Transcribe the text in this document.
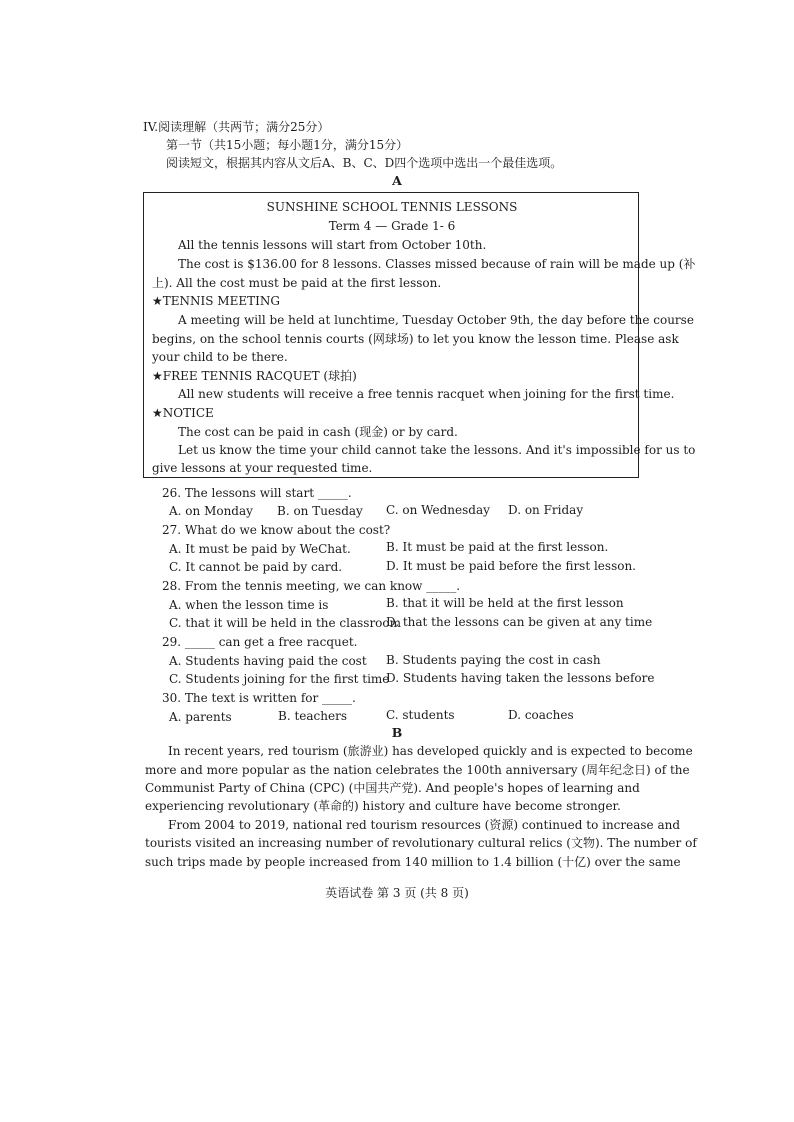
IV.阅读理解（共两节；满分25分）
第一节（共15小题；每小题1分，满分15分）
阅读短文，根据其内容从文后A、B、C、D四个选项中选出一个最佳选项。
A
SUNSHINE SCHOOL TENNIS LESSONS
Term 4 — Grade 1- 6
All the tennis lessons will start from October 10th.
The cost is $136.00 for 8 lessons. Classes missed because of rain will be made up (补
上). All the cost must be paid at the first lesson.
★TENNIS MEETING
A meeting will be held at lunchtime, Tuesday October 9th, the day before the course
begins, on the school tennis courts (网球场) to let you know the lesson time. Please ask
your child to be there.
★FREE TENNIS RACQUET (球拍)
All new students will receive a free tennis racquet when joining for the first time.
★NOTICE
The cost can be paid in cash (现金) or by card.
Let us know the time your child cannot take the lessons. And it's impossible for us to
give lessons at your requested time.
26. The lessons will start _____.
A. on Monday B. on Tuesday C. on Wednesday D. on Friday
27. What do we know about the cost?
A. It must be paid by WeChat.	B. It must be paid at the first lesson.
C. It cannot be paid by card.	D. It must be paid before the first lesson.
28. From the tennis meeting, we can know _____.
A. when the lesson time is	B. that it will be held at the first lesson
C. that it will be held in the classroom
D. that the lessons can be given at any time
29. _____ can get a free racquet.
A. Students having paid the cost B. Students paying the cost in cash
C. Students joining for the first time
D. Students having taken the lessons before
30. The text is written for _____.
A. parents	B. teachers	C. students	D. coaches
B
In recent years, red tourism (旅游业) has developed quickly and is expected to become
more and more popular as the nation celebrates the 100th anniversary (周年纪念日) of the
Communist Party of China (CPC) (中国共产党). And people's hopes of learning and
experiencing revolutionary (革命的) history and culture have become stronger.
From 2004 to 2019, national red tourism resources (资源) continued to increase and
tourists visited an increasing number of revolutionary cultural relics (文物). The number of
such trips made by people increased from 140 million to 1.4 billion (十亿) over the same
英语试卷 第 3 页 (共 8 页)
